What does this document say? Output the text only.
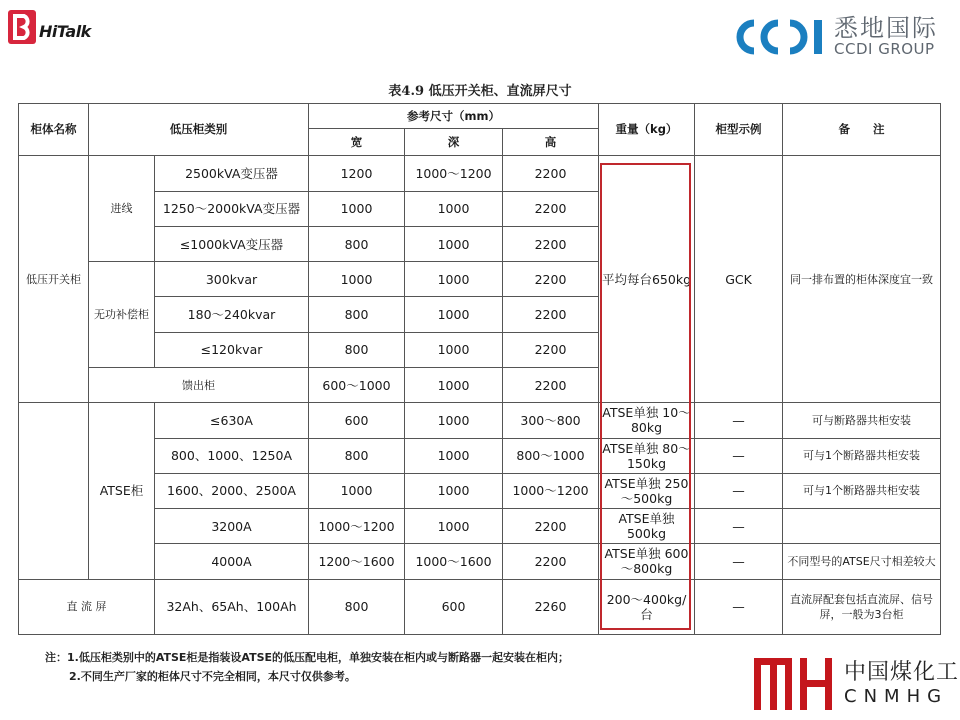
HiTalk	悉地国际
CCDI GROUP
表4.9 低压开关柜、直流屏尺寸
柜体名称	低压柜类别		参考尺寸（mm）			重量（kg）	柜型示例	备　　注
			宽	深	高			
低压开关柜	进线	2500kVA变压器	1200	1000～1200	2200	平均每台650kg	GCK	同一排布置的柜体深度宜一致
		1250～2000kVA变压器	1000	1000	2200			
		≤1000kVA变压器	800	1000	2200			
	无功补偿柜	300kvar	1000	1000	2200			
		180～240kvar	800	1000	2200			
		≤120kvar	800	1000	2200			
	馈出柜		600～1000	1000	2200			
	ATSE柜	≤630A	600	1000	300～800	ATSE单独 10～80kg	—	可与断路器共柜安装
		800、1000、1250A	800	1000	800～1000	ATSE单独 80～150kg	—	可与1个断路器共柜安装
		1600、2000、2500A	1000	1000	1000～1200	ATSE单独 250～500kg	—	可与1个断路器共柜安装
		3200A	1000～1200	1000	2200	ATSE单独500kg	—	
		4000A	1200～1600	1000～1600	2200	ATSE单独 600～800kg	—	不同型号的ATSE尺寸相差较大
直 流 屏		32Ah、65Ah、100Ah	800	600	2260	200～400kg/台	—	直流屏配套包括直流屏、信号屏，一般为3台柜
注：1.低压柜类别中的ATSE柜是指装设ATSE的低压配电柜，单独安装在柜内或与断路器一起安装在柜内；
2.不同生产厂家的柜体尺寸不完全相同，本尺寸仅供参考。	中国煤化工
CNMHG
